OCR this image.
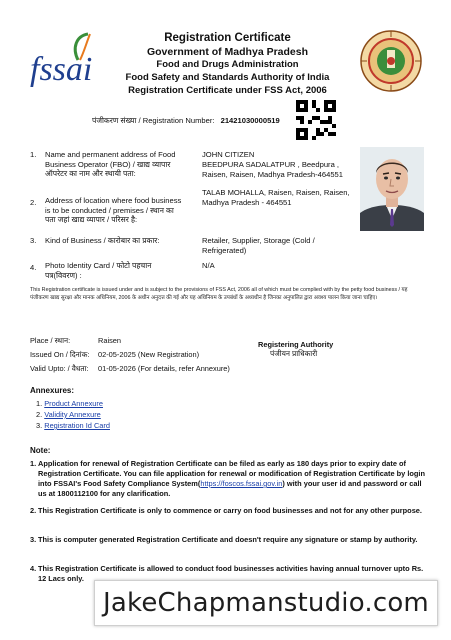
fssai
Registration Certificate
Government of Madhya Pradesh
Food and Drugs Administration
Food Safety and Standards Authority of India
Registration Certificate under FSS Act, 2006
पंजीकरण संख्या / Registration Number: 21421030000519
1. Name and permanent address of Food Business Operator (FBO) / खाद्य व्यापार ऑपरेटर का नाम और स्थायी पता:
JOHN CITIZEN
BEEDPURA SADALATPUR , Beedpura , Raisen, Raisen, Madhya Pradesh-464551
2. Address of location where food business is to be conducted / premises / स्थान का पता जहां खाद्य व्यापार / परिसर है:
TALAB MOHALLA, Raisen, Raisen, Raisen, Madhya Pradesh - 464551
3. Kind of Business / कारोबार का प्रकार:	Retailer, Supplier, Storage (Cold / Refrigerated)
4. Photo Identity Card / फोटो पहचान पत्र(विवरण) :
N/A
This Registration certificate is issued under and is subject to the provisions of FSS Act, 2006 all of which must be complied with by the petty food business / यह पंजीकरण खाद्य सुरक्षा और मानक अधिनियम, 2006 के अधीन अनुदत्त की गई और यह अधिनियम के उपबंधों के अध्यधीन है जिनका अनुपालित द्वारा अवश्य पालन किया जाना चाहिए।
Place / स्थान:	Raisen
Issued On / दिनांक: 02-05-2025 (New Registration)
Valid Upto: / वैधता: 01-05-2026 (For details, refer Annexure)
Registering Authority
पंजीयन प्राधिकारी
Annexures:
1. Product Annexure
2. Validity Annexure
3. Registration Id Card
Note:
1. Application for renewal of Registration Certificate can be filed as early as 180 days prior to expiry date of Registration Certificate. You can file application for renewal or modification of Registration Certificate by login into FSSAI's Food Safety Compliance System(https://foscos.fssai.gov.in) with your user id and password or call us at 1800112100 for any clarification.
2. This Registration Certificate is only to commence or carry on food businesses and not for any other purpose.
3. This is computer generated Registration Certificate and doesn't require any signature or stamp by authority.
4. This Registration Certificate is allowed to conduct food businesses activities having annual turnover upto Rs. 12 Lacs only.
JakeChapmanstudio.com
